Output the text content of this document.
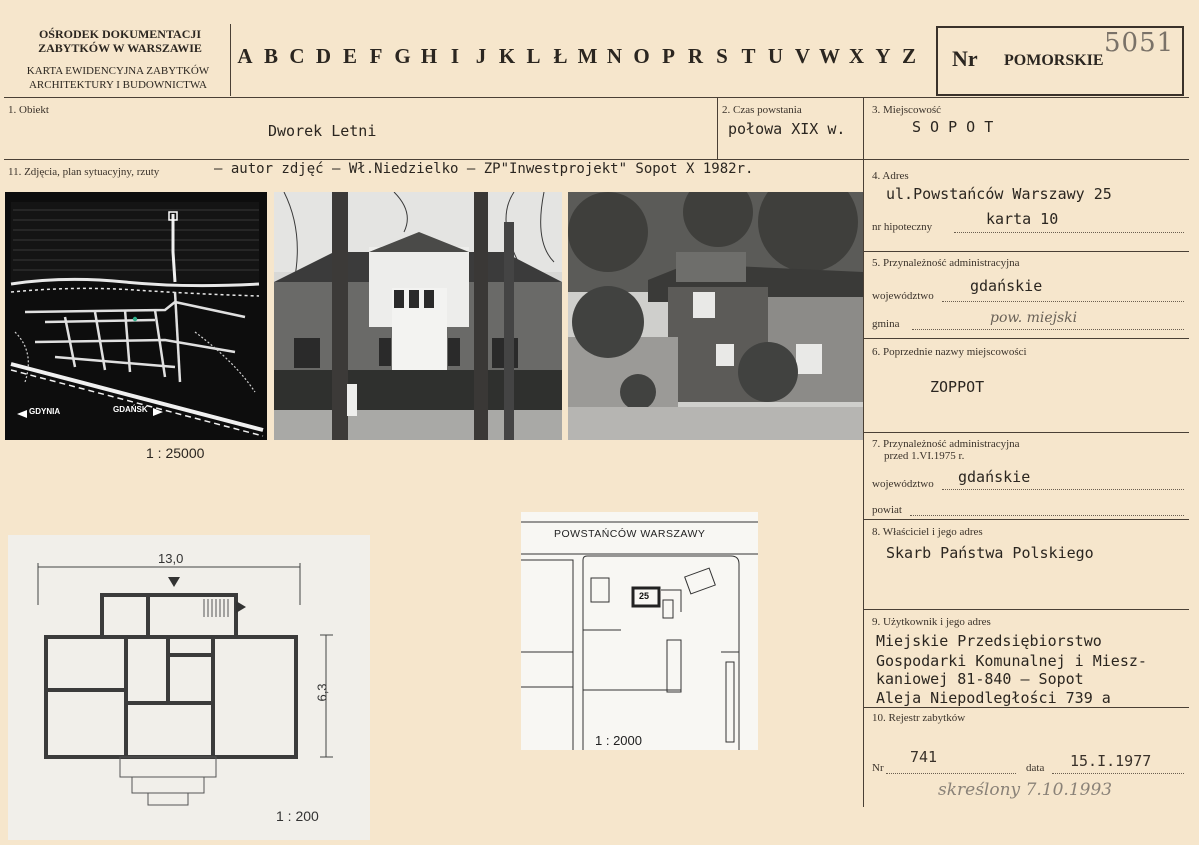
OŚRODEK DOKUMENTACJI
ZABYTKÓW W WARSZAWIE
KARTA EWIDENCYJNA ZABYTKÓW
ARCHITEKTURY I BUDOWNICTWA
A B C D E F G H I J K L Ł M N O P R S T U V W X Y Z Nr POMORSKIE
5051
1. Obiekt
Dworek Letni
2. Czas powstania
połowa XIX w.
3. Miejscowość
S O P O T
11. Zdjęcia, plan sytuacyjny, rzuty	– autor zdjęć – Wł.Niedzielko – ZP"Inwestprojekt" Sopot X 1982r.	4. Adres
ul.Powstańców Warszawy 25
nr hipoteczny	karta 10
5. Przynależność administracyjna
województwo
gdańskie
gmina	pow. miejski
6. Poprzednie nazwy miejscowości
ZOPPOT
7. Przynależność administracyjna
przed 1.VI.1975 r.
województwo gdańskie
powiat
8. Właściciel i jego adres
Skarb Państwa Polskiego
9. Użytkownik i jego adres
Miejskie Przedsiębiorstwo
Gospodarki Komunalnej i Miesz-
kaniowej 81-840 – Sopot
Aleja Niepodległości 739 a
10. Rejestr zabytków
Nr
741
data 15.I.1977
skreślony 7.10.1993
GDYNIA	GDAŃSK
1 : 25000
13,0
6,3
1 : 200
POWSTAŃCÓW WARSZAWY
25
1 : 2000
